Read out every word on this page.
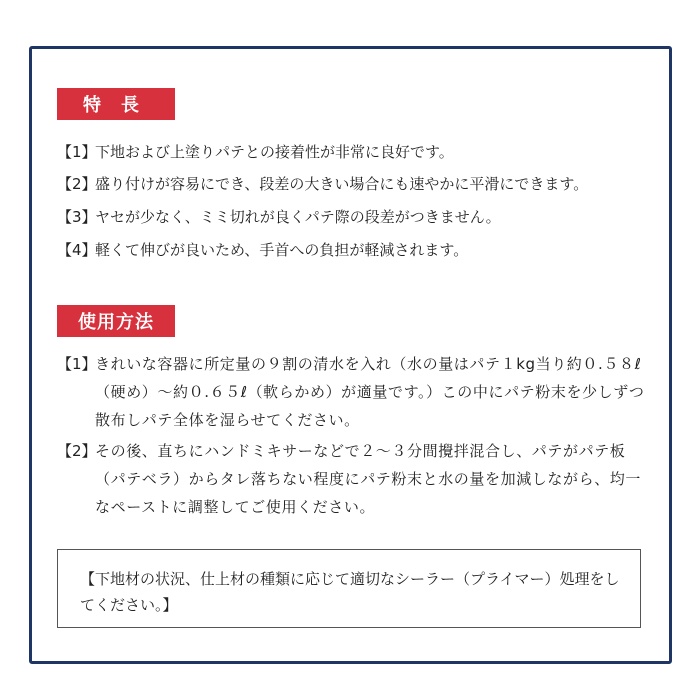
特長
【1】
下地および上塗りパテとの接着性が非常に良好です。
【2】
盛り付けが容易にでき、段差の大きい場合にも速やかに平滑にできます。
【3】
ヤセが少なく、ミミ切れが良くパテ際の段差がつきません。
【4】
軽くて伸びが良いため、手首への負担が軽減されます。
使用方法
【1】
きれいな容器に所定量の９割の清水を入れ（水の量はパテ１kg当り約０.５８ℓ（硬め）～約０.６５ℓ（軟らかめ）が適量です。）この中にパテ粉末を少しずつ散布しパテ全体を湿らせてください。
【2】
その後、直ちにハンドミキサーなどで２～３分間攪拌混合し、パテがパテ板（パテベラ）からタレ落ちない程度にパテ粉末と水の量を加減しながら、均一なペーストに調整してご使用ください。
【下地材の状況、仕上材の種類に応じて適切なシーラー（プライマー）処理をしてください。】
